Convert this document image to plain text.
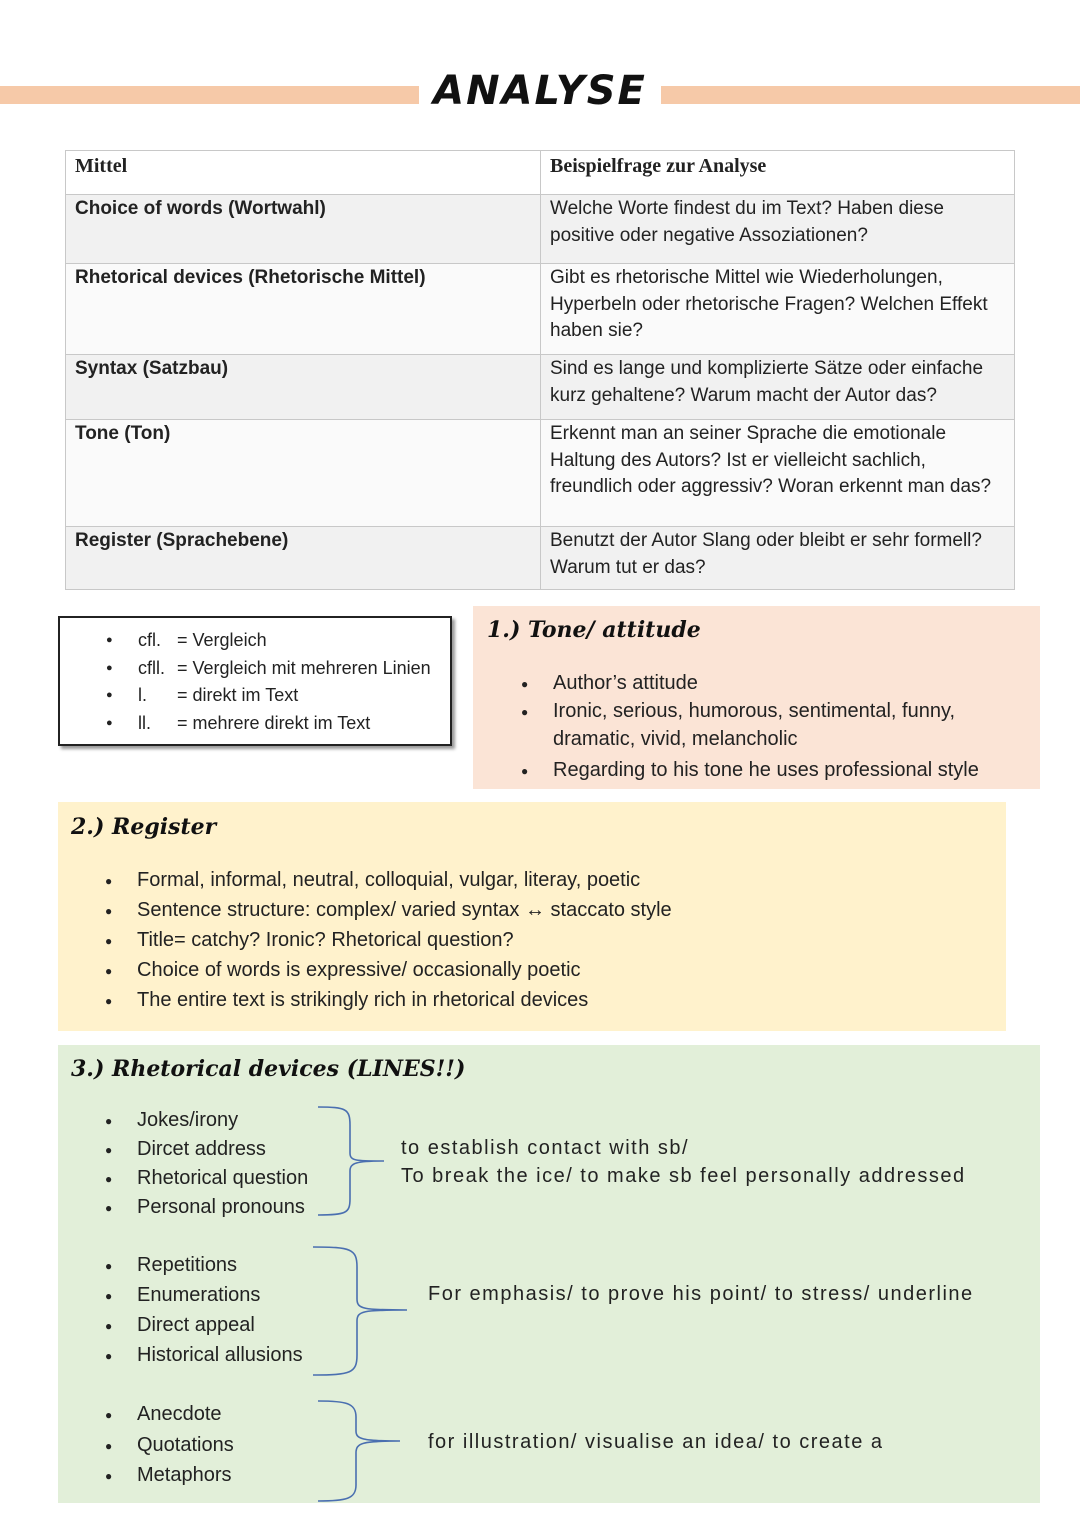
ANALYSE
Mittel	Beispielfrage zur Analyse
Choice of words (Wortwahl)	Welche Worte findest du im Text? Haben diese positive oder negative Assoziationen?
Rhetorical devices (Rhetorische Mittel)	Gibt es rhetorische Mittel wie Wiederholungen, Hyperbeln oder rhetorische Fragen? Welchen Effekt haben sie?
Syntax (Satzbau)	Sind es lange und komplizierte Sätze oder einfache kurz gehaltene? Warum macht der Autor das?
Tone (Ton)	Erkennt man an seiner Sprache die emotionale Haltung des Autors? Ist er vielleicht sachlich, freundlich oder aggressiv? Woran erkennt man das?
Register (Sprachebene)	Benutzt der Autor Slang oder bleibt er sehr formell? Warum tut er das?
● cfl. = Vergleich
● cfll. = Vergleich mit mehreren Linien
● l. = direkt im Text
● ll. = mehrere direkt im Text
1.) Tone/ attitude
● Author’s attitude
● Ironic, serious, humorous, sentimental, funny, dramatic, vivid, melancholic
● Regarding to his tone he uses professional style
2.) Register
● Formal, informal, neutral, colloquial, vulgar, literay, poetic
● Sentence structure: complex/ varied syntax ↔ staccato style
● Title= catchy? Ironic? Rhetorical question?
● Choice of words is expressive/ occasionally poetic
● The entire text is strikingly rich in rhetorical devices
3.) Rhetorical devices (LINES!!)
● Jokes/irony
● Dircet address
● Rhetorical question
● Personal pronouns
to establish contact with sb/
To break the ice/ to make sb feel personally addressed
● Repetitions
● Enumerations
● Direct appeal
● Historical allusions
For emphasis/ to prove his point/ to stress/ underline
● Anecdote
● Quotations
● Metaphors
for illustration/ visualise an idea/ to create a
